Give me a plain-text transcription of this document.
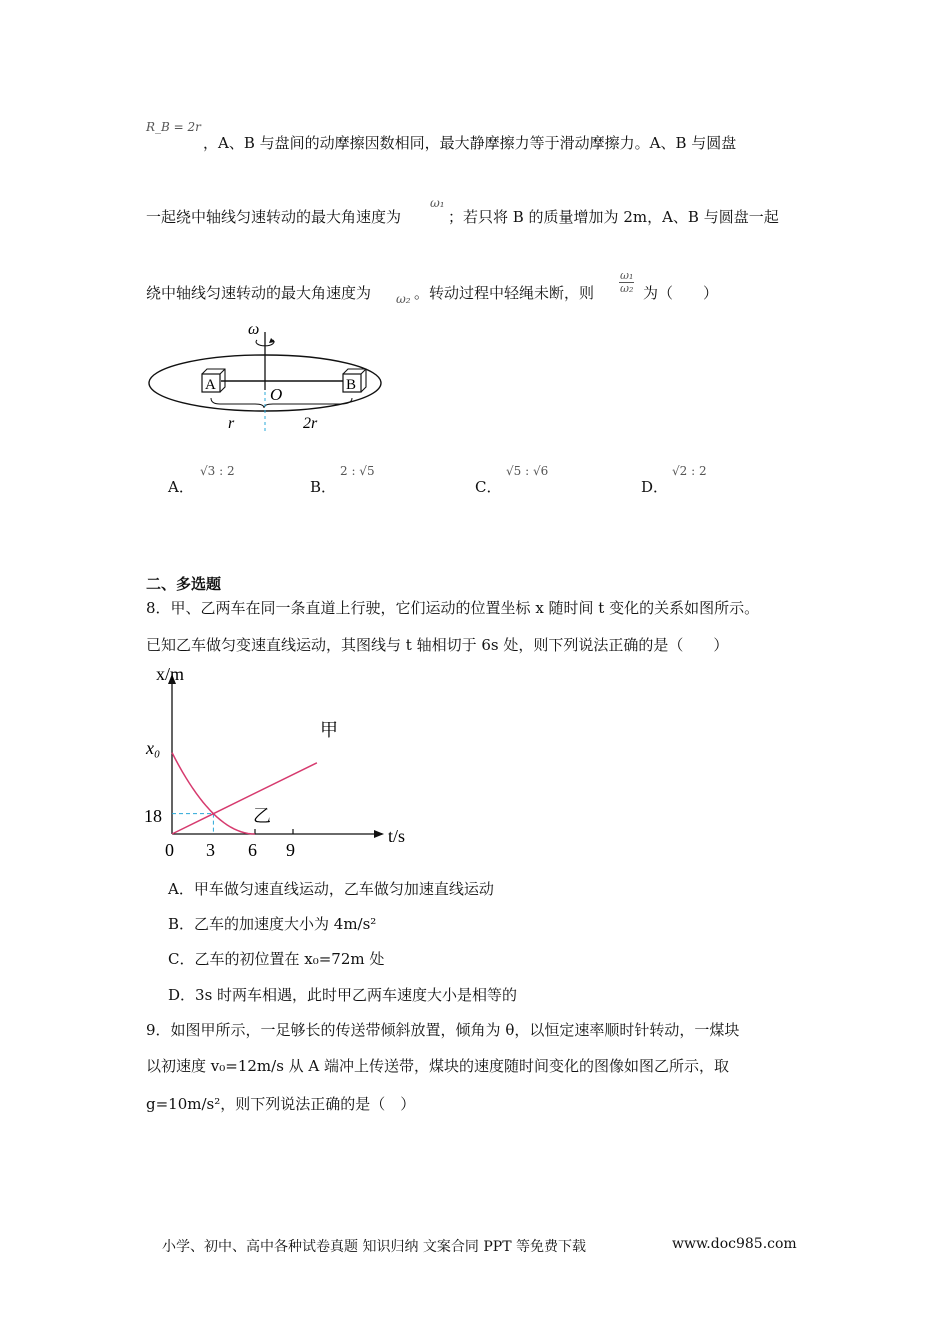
R_B = 2r
，A、B 与盘间的动摩擦因数相同，最大静摩擦力等于滑动摩擦力。A、B 与圆盘
一起绕中轴线匀速转动的最大角速度为
ω₁
；若只将 B 的质量增加为 2m，A、B 与圆盘一起
绕中轴线匀速转动的最大角速度为 ω₂ 。转动过程中轻绳未断，则 $\frac{\text{ω₁}}{\text{ω₂}}$ 为（　　）
ω
A	B
O
r	2r
A．
√3 : 2
B．
2 : √5
C．
√5 : √6
D．
√2 : 2
二、多选题
8．甲、乙两车在同一条直道上行驶，它们运动的位置坐标 x 随时间 t 变化的关系如图所示。
已知乙车做匀变速直线运动，其图线与 t 轴相切于 6s 处，则下列说法正确的是（　　）
x/m
t/s
x₀
18
0 3 6 9
甲
乙
A．甲车做匀速直线运动，乙车做匀加速直线运动
B．乙车的加速度大小为 4m/s²
C．乙车的初位置在 x₀=72m 处
D．3s 时两车相遇，此时甲乙两车速度大小是相等的
9．如图甲所示，一足够长的传送带倾斜放置，倾角为 θ，以恒定速率顺时针转动，一煤块
以初速度 v₀=12m/s 从 A 端冲上传送带，煤块的速度随时间变化的图像如图乙所示，取
g=10m/s²，则下列说法正确的是（　）
小学、初中、高中各种试卷真题 知识归纳 文案合同 PPT 等免费下载	www.doc985.com
